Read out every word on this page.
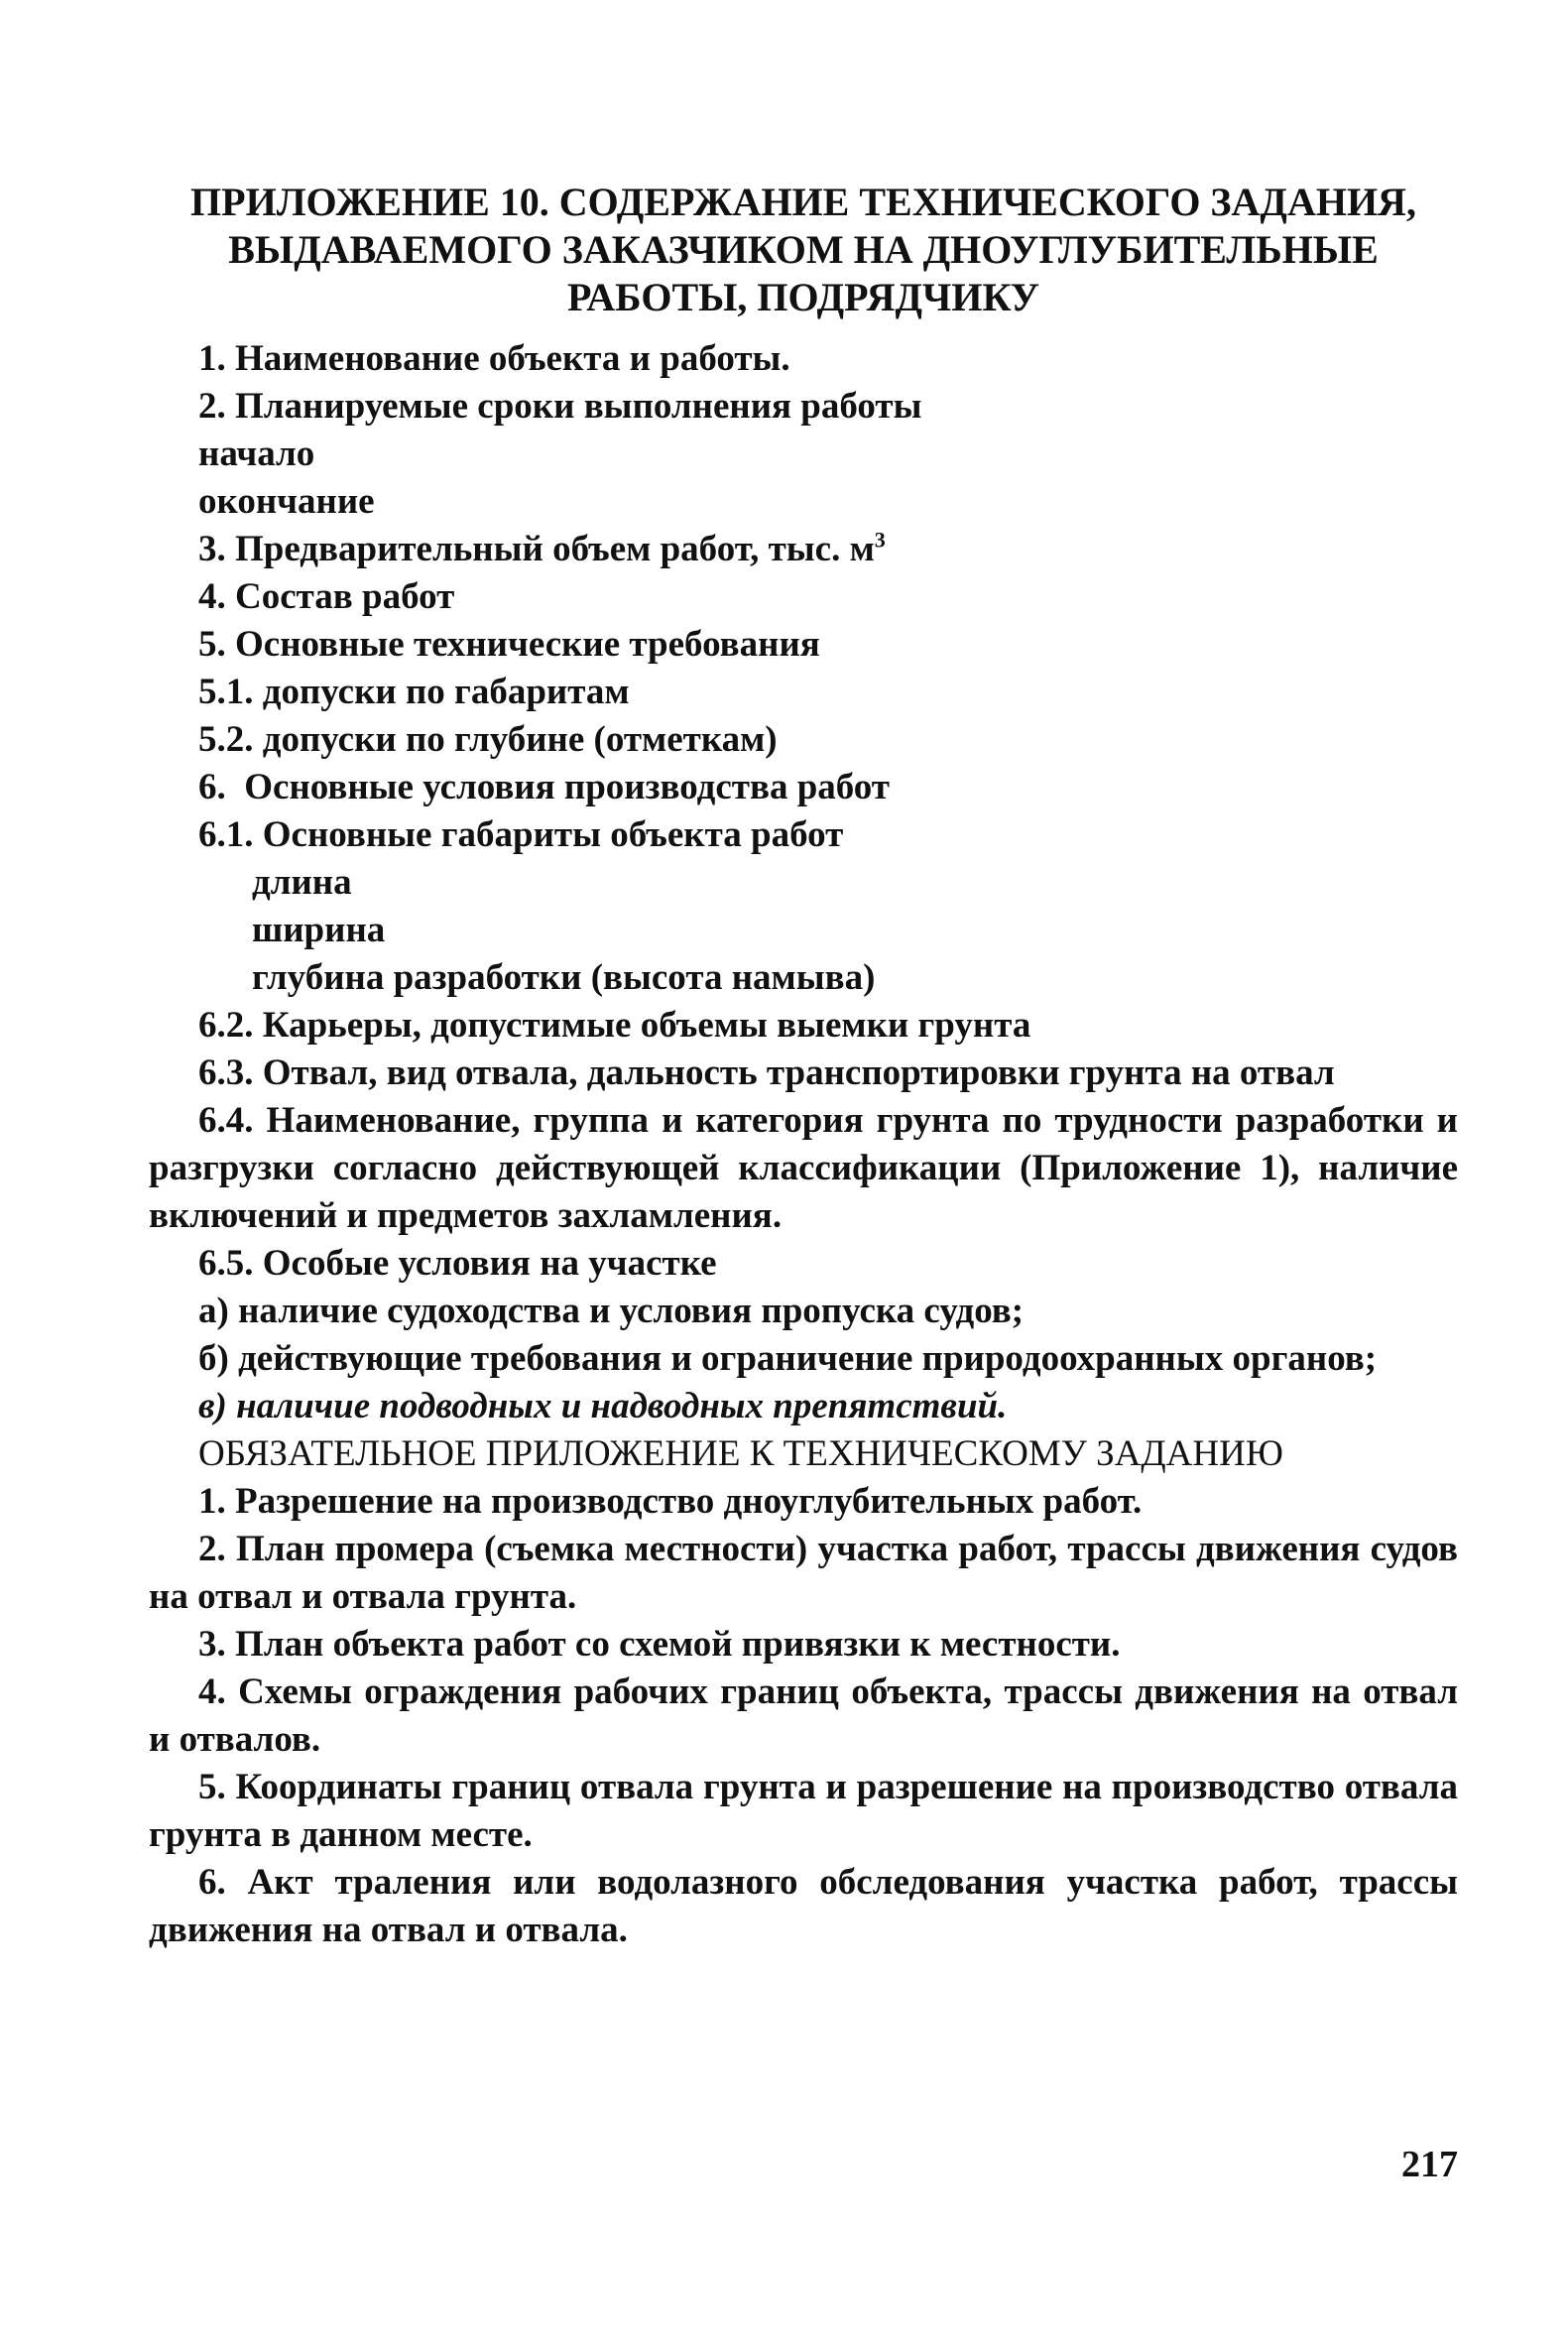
ПРИЛОЖЕНИЕ 10. СОДЕРЖАНИЕ ТЕХНИЧЕСКОГО ЗАДАНИЯ,
ВЫДАВАЕМОГО ЗАКАЗЧИКОМ НА ДНОУГЛУБИТЕЛЬНЫЕ
РАБОТЫ, ПОДРЯДЧИКУ
1. Наименование объекта и работы.
2. Планируемые сроки выполнения работы
начало
окончание
3. Предварительный объем работ, тыс. $м^3$
4. Состав работ
5. Основные технические требования
5.1. допуски по габаритам
5.2. допуски по глубине (отметкам)
6.  Основные условия производства работ
6.1. Основные габариты объекта работ
длина
ширина
глубина разработки (высота намыва)
6.2. Карьеры, допустимые объемы выемки грунта
6.3. Отвал, вид отвала, дальность транспортировки грунта на отвал
6.4. Наименование, группа и категория грунта по трудности разработки и разгрузки согласно действующей классификации (Приложение 1), наличие включений и предметов захламления.
6.5. Особые условия на участке
а) наличие судоходства и условия пропуска судов;
б) действующие требования и ограничение природоохранных органов;
в) наличие подводных и надводных препятствий.
ОБЯЗАТЕЛЬНОЕ ПРИЛОЖЕНИЕ К ТЕХНИЧЕСКОМУ ЗАДАНИЮ
1. Разрешение на производство дноуглубительных работ.
2. План промера (съемка местности) участка работ, трассы движения судов на отвал и отвала грунта.
3. План объекта работ со схемой привязки к местности.
4. Схемы ограждения рабочих границ объекта, трассы движения на отвал и отвалов.
5. Координаты границ отвала грунта и разрешение на производство отвала грунта в данном месте.
6. Акт траления или водолазного обследования участка работ, трассы движения на отвал и отвала.
217
